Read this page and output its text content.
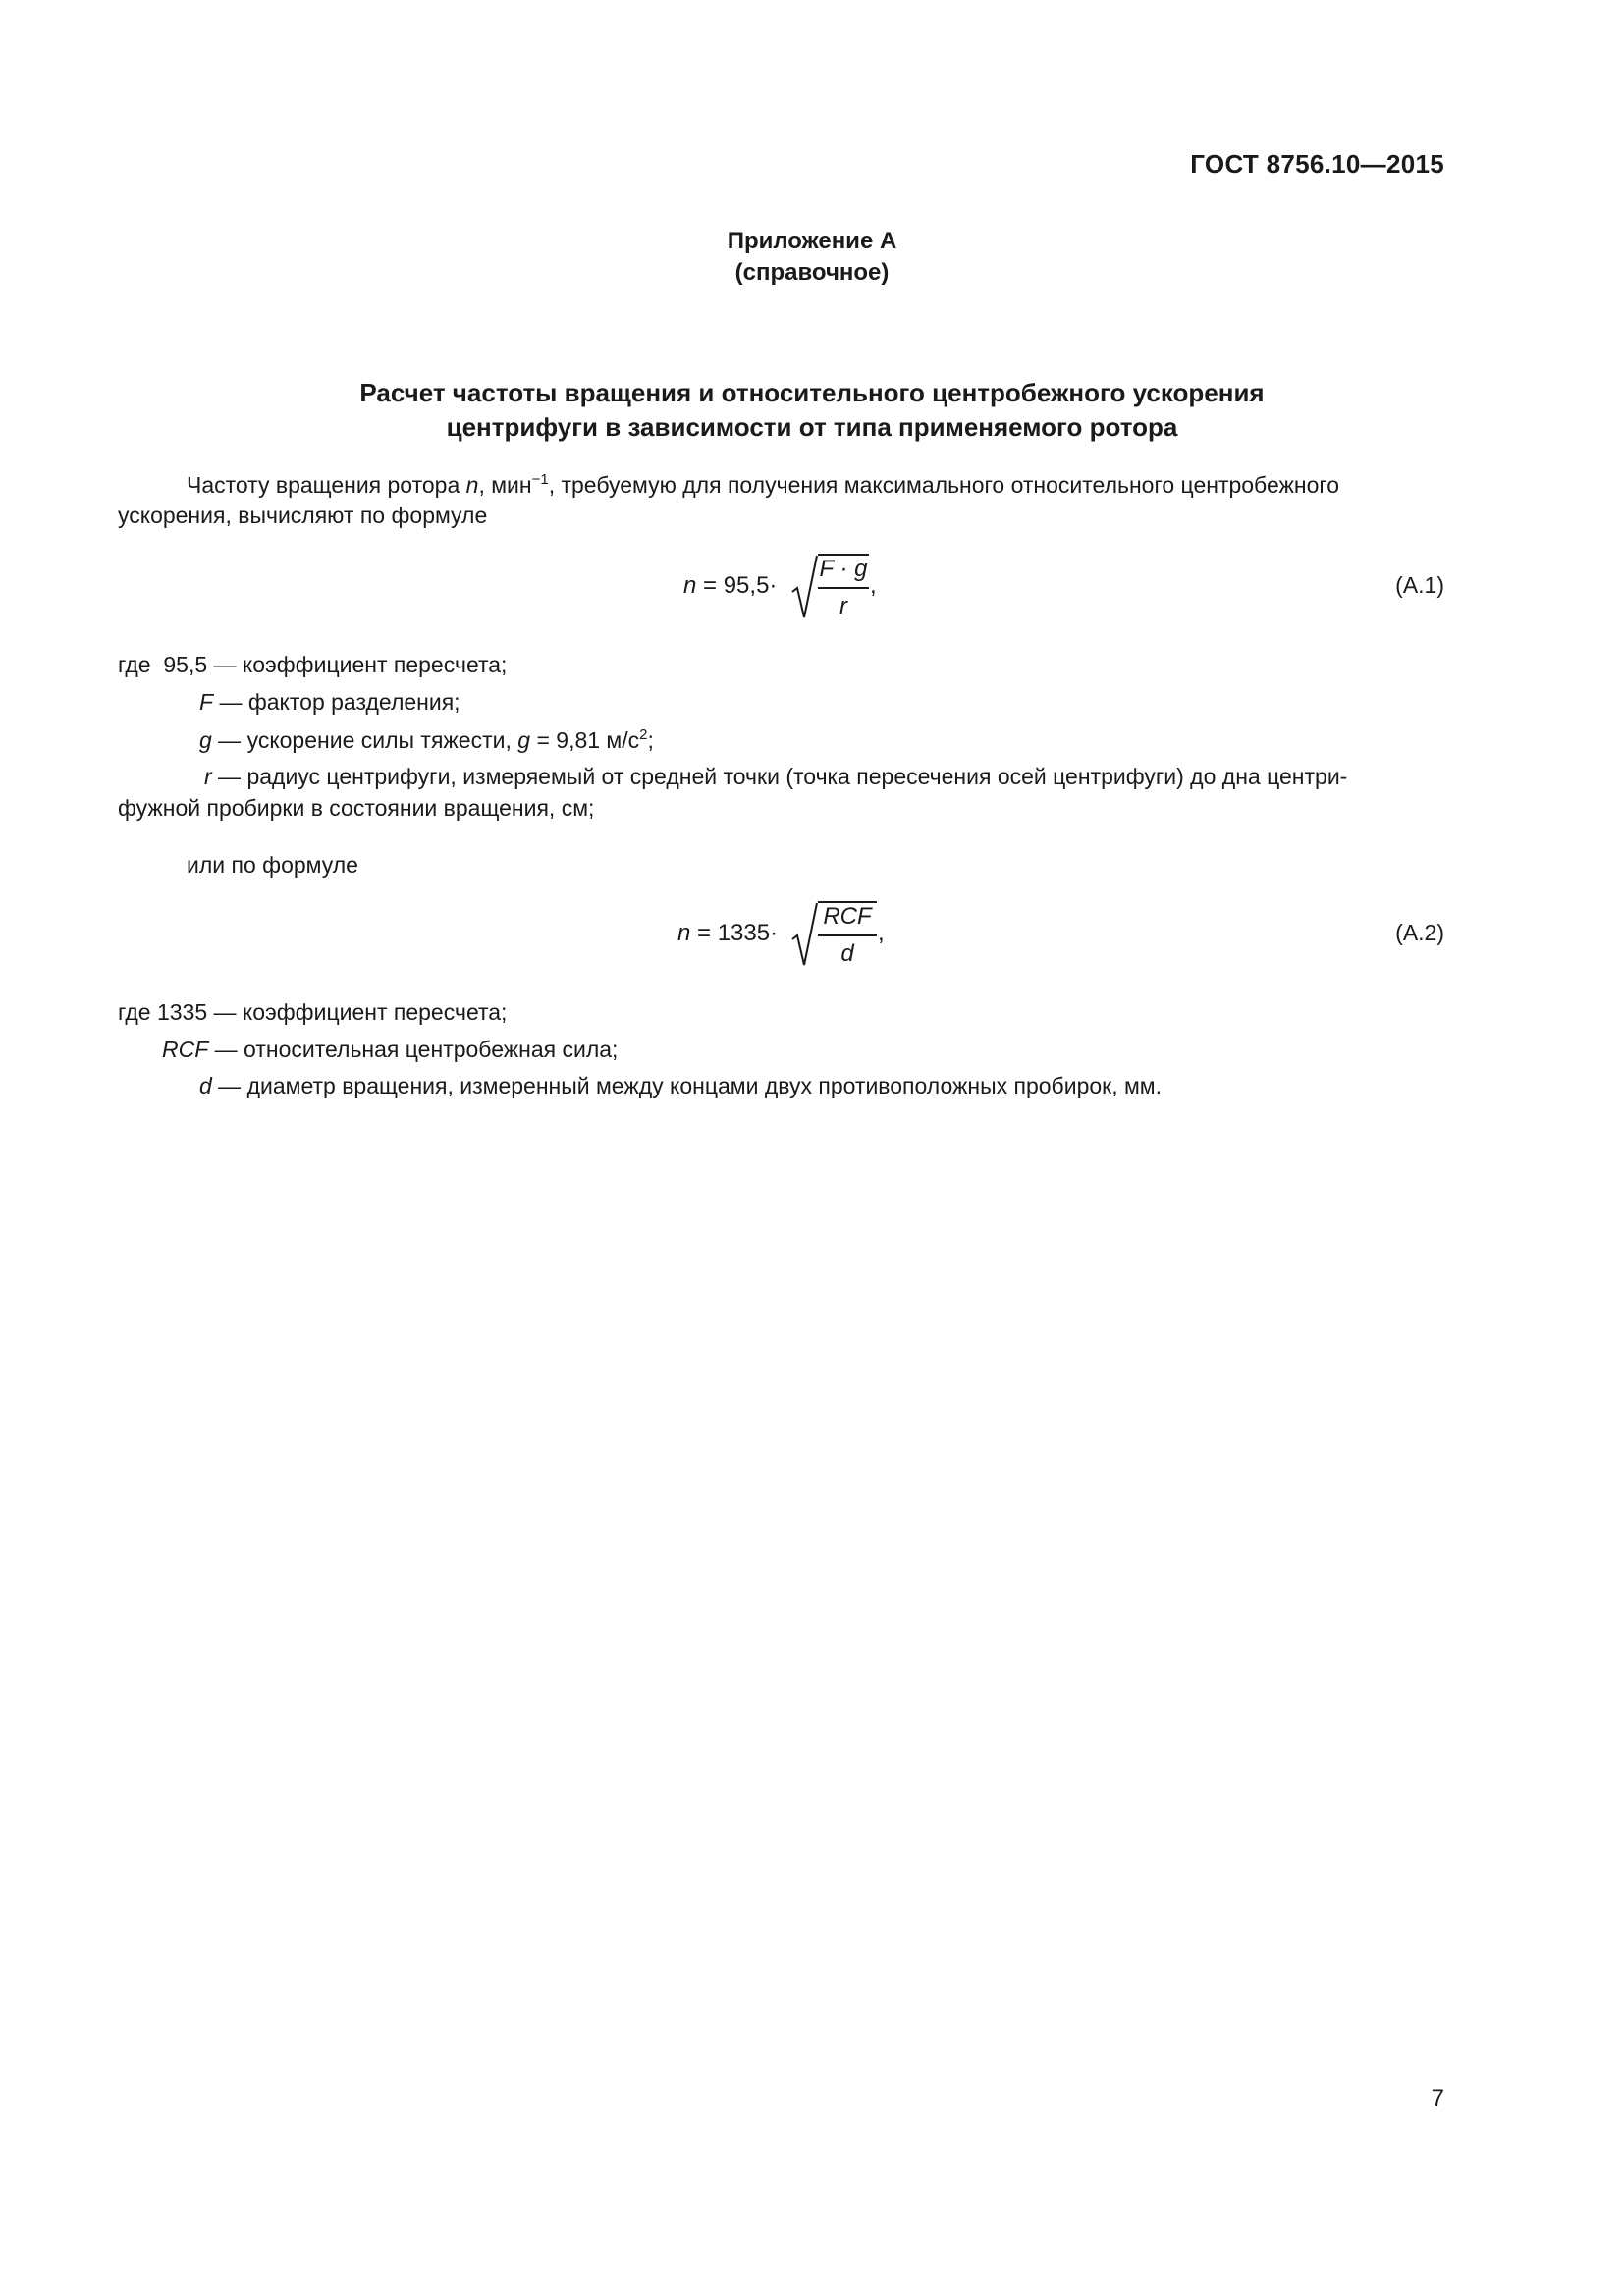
ГОСТ 8756.10—2015
Приложение А
(справочное)
Расчет частоты вращения и относительного центробежного ускорения
центрифуги в зависимости от типа применяемого ротора
Частоту вращения ротора n, мин$^{-1}$, требуемую для получения максимального относительного центробежного
ускорения, вычисляют по формуле
n = 95,5·
F · g
r
,	(А.1)
где 95,5 — коэффициент пересчета;
F — фактор разделения;
g — ускорение силы тяжести, g = 9,81 $м/с^2$;
r — радиус центрифуги, измеряемый от средней точки (точка пересечения осей центрифуги) до дна центри-
фужной пробирки в состоянии вращения, см;
или по формуле
n = 1335·
RCF
d
,	(А.2)
где 1335 — коэффициент пересчета;
RCF — относительная центробежная сила;
d — диаметр вращения, измеренный между концами двух противоположных пробирок, мм.
7
